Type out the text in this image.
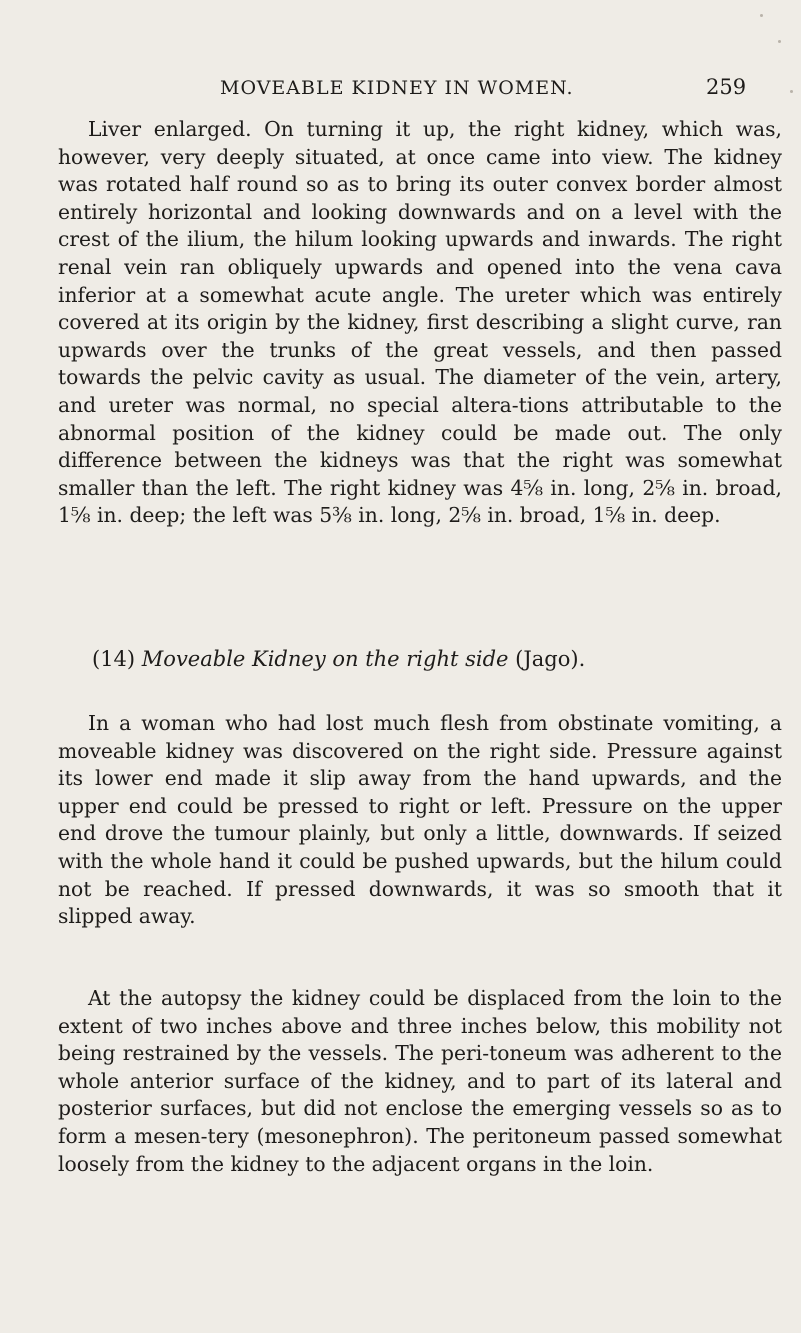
MOVEABLE KIDNEY IN WOMEN.	259

Liver enlarged. On turning it up, the right kidney, which was, however, very deeply situated, at once came into view. The kidney was rotated half round so as to bring its outer convex border almost entirely horizontal and looking downwards and on a level with the crest of the ilium, the hilum looking upwards and inwards. The right renal vein ran obliquely upwards and opened into the vena cava inferior at a somewhat acute angle. The ureter which was entirely covered at its origin by the kidney, first describing a slight curve, ran upwards over the trunks of the great vessels, and then passed towards the pelvic cavity as usual. The diameter of the vein, artery, and ureter was normal, no special altera-tions attributable to the abnormal position of the kidney could be made out. The only difference between the kidneys was that the right was somewhat smaller than the left. The right kidney was 4⅝ in. long, 2⅝ in. broad, 1⅝ in. deep; the left was 5⅜ in. long, 2⅝ in. broad, 1⅝ in. deep.

(14) Moveable Kidney on the right side (Jago).

In a woman who had lost much flesh from obstinate vomiting, a moveable kidney was discovered on the right side. Pressure against its lower end made it slip away from the hand upwards, and the upper end could be pressed to right or left. Pressure on the upper end drove the tumour plainly, but only a little, downwards. If seized with the whole hand it could be pushed upwards, but the hilum could not be reached. If pressed downwards, it was so smooth that it slipped away.

At the autopsy the kidney could be displaced from the loin to the extent of two inches above and three inches below, this mobility not being restrained by the vessels. The peri-toneum was adherent to the whole anterior surface of the kidney, and to part of its lateral and posterior surfaces, but did not enclose the emerging vessels so as to form a mesen-tery (mesonephron). The peritoneum passed somewhat loosely from the kidney to the adjacent organs in the loin.
